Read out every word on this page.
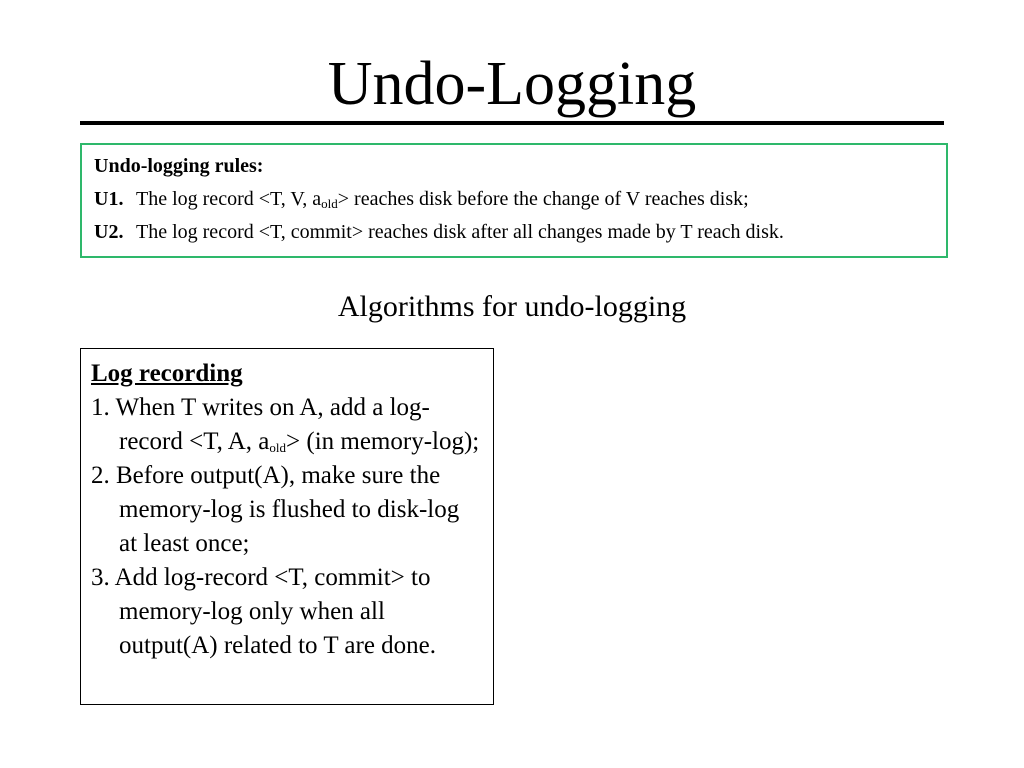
Undo-Logging
Undo-logging rules:
U1. The log record <T, V, $a_{old}>$ reaches disk before the change of V reaches disk;
U2. The log record <T, commit> reaches disk after all changes made by T reach disk.
Algorithms for undo-logging
Log recording
1. When T writes on A, add a log-record <T, A, $a_{old}> (in$ memory-log);
2. Before output(A), make sure the memory-log is flushed to disk-log at least once;
3. Add log-record <T, commit> to memory-log only when all output(A) related to T are done.
